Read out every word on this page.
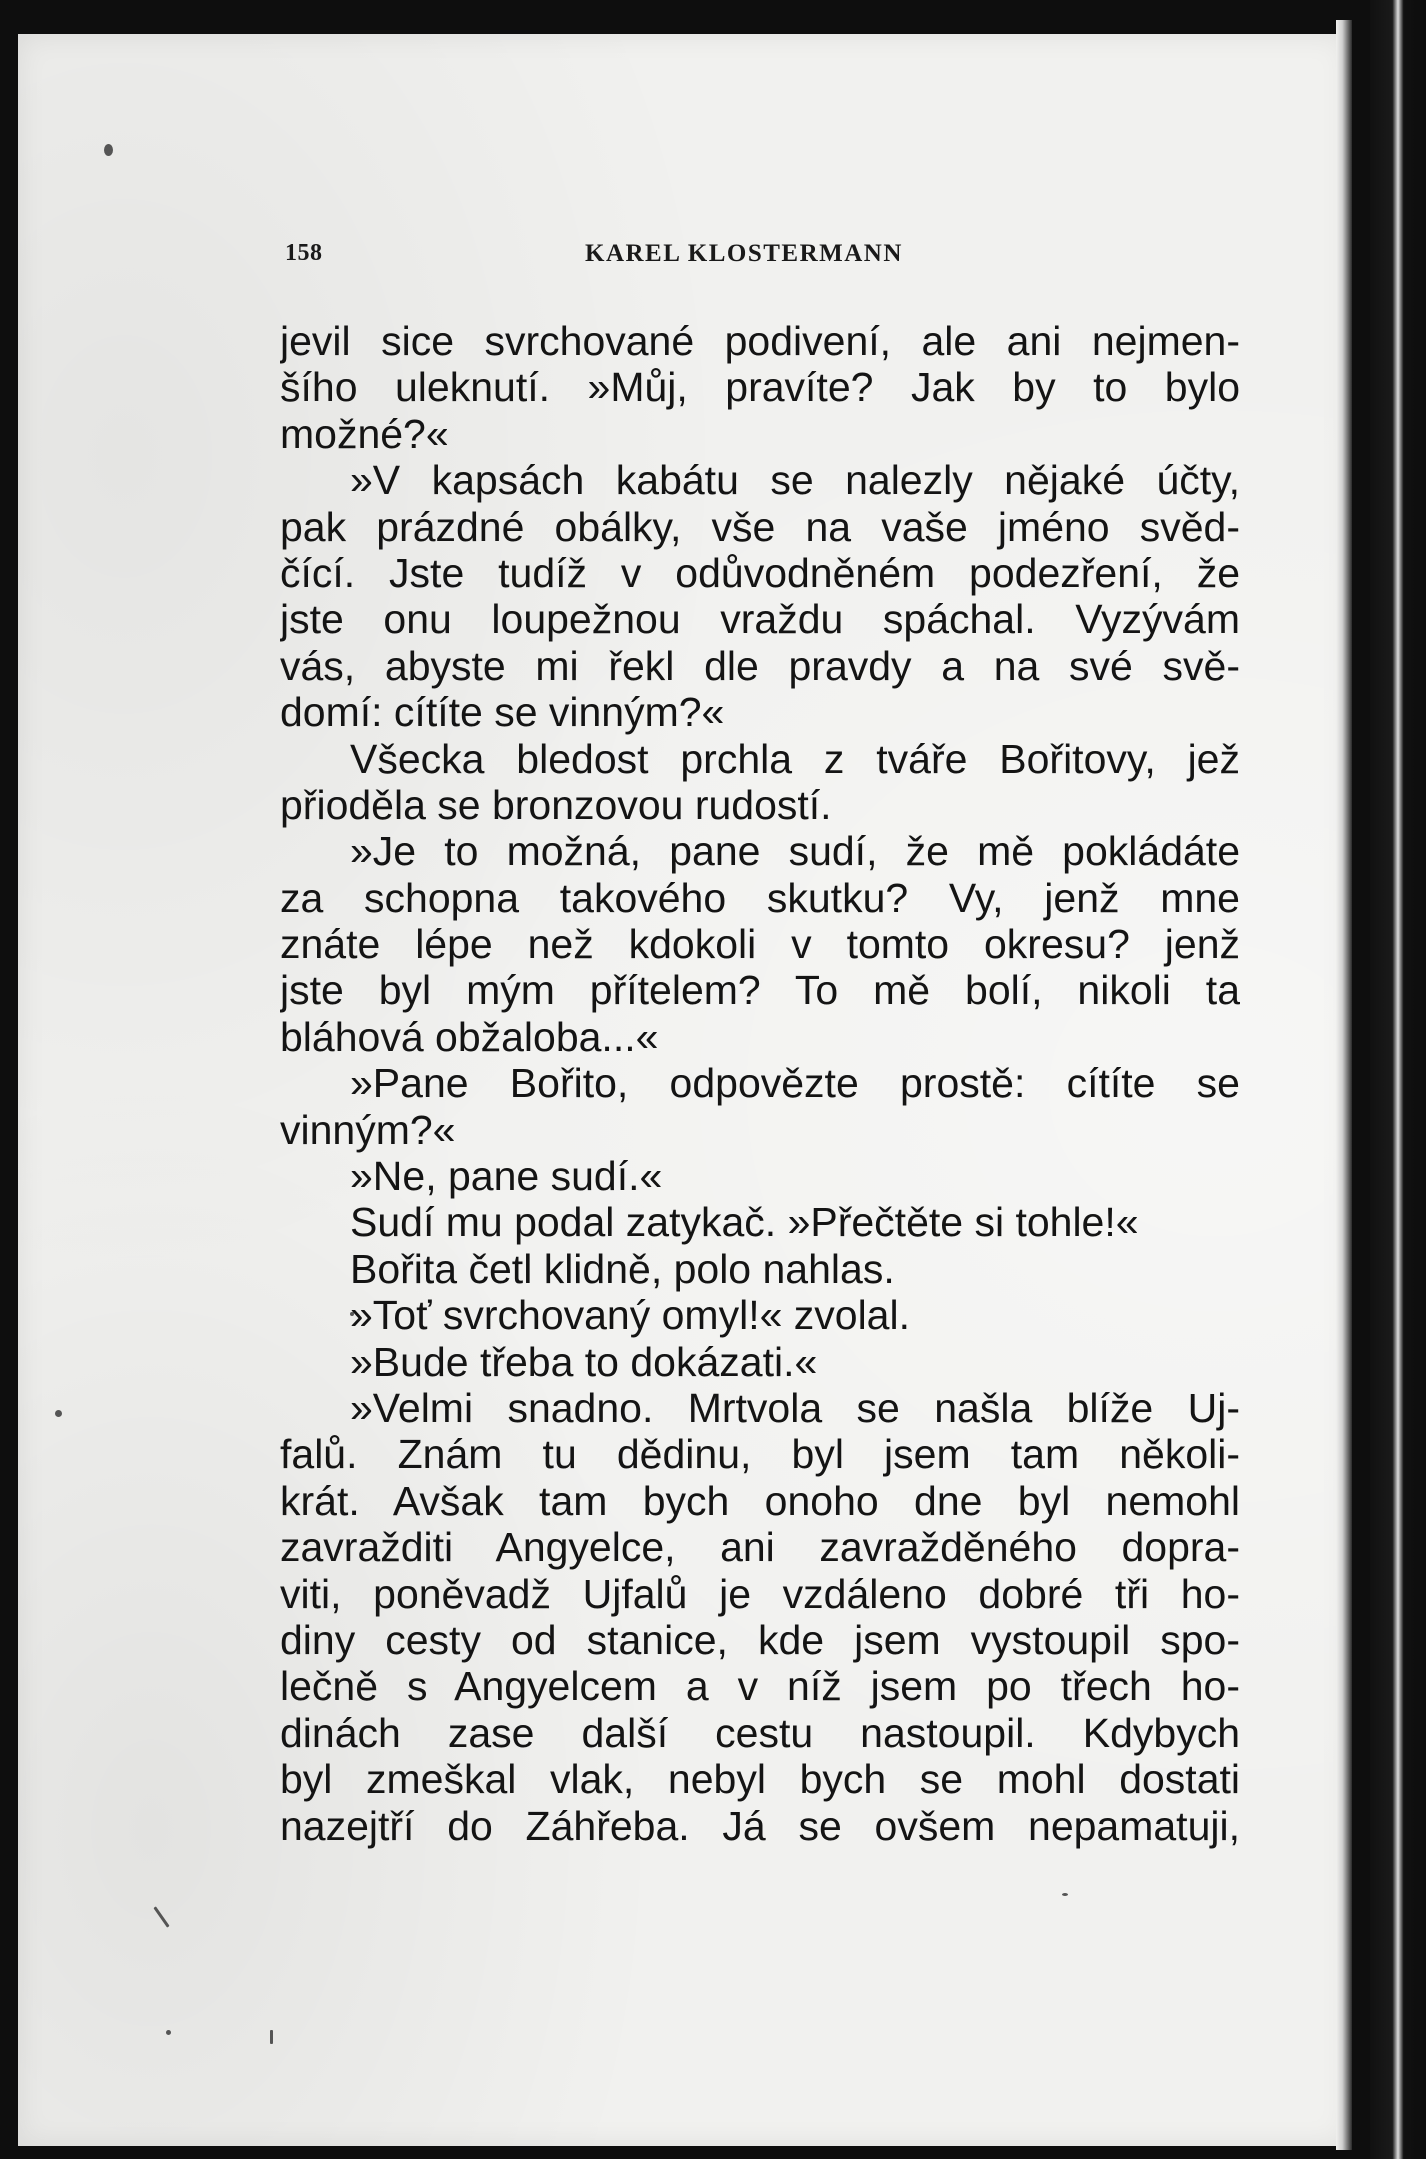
158	KAREL KLOSTERMANN
jevil sice svrchované podivení, ale ani nejmen-
šího uleknutí. »Můj, pravíte? Jak by to bylo
možné?«
»V kapsách kabátu se nalezly nějaké účty,
pak prázdné obálky, vše na vaše jméno svěd-
čící. Jste tudíž v odůvodněném podezření, že
jste onu loupežnou vraždu spáchal. Vyzývám
vás, abyste mi řekl dle pravdy a na své svě-
domí: cítíte se vinným?«
Všecka bledost prchla z tváře Bořitovy, jež
přioděla se bronzovou rudostí.
»Je to možná, pane sudí, že mě pokládáte
za schopna takového skutku? Vy, jenž mne
znáte lépe než kdokoli v tomto okresu? jenž
jste byl mým přítelem? To mě bolí, nikoli ta
bláhová obžaloba...«
»Pane Bořito, odpovězte prostě: cítíte se
vinným?«
»Ne, pane sudí.«
Sudí mu podal zatykač. »Přečtěte si tohle!«
Bořita četl klidně, polo nahlas.
»Toť svrchovaný omyl!« zvolal.
»Bude třeba to dokázati.«
»Velmi snadno. Mrtvola se našla blíže Uj-
falů. Znám tu dědinu, byl jsem tam několi-
krát. Avšak tam bych onoho dne byl nemohl
zavražditi Angyelce, ani zavražděného dopra-
viti, poněvadž Ujfalů je vzdáleno dobré tři ho-
diny cesty od stanice, kde jsem vystoupil spo-
lečně s Angyelcem a v níž jsem po třech ho-
dinách zase další cestu nastoupil. Kdybych
byl zmeškal vlak, nebyl bych se mohl dostati
nazejtří do Záhřeba. Já se ovšem nepamatuji,
